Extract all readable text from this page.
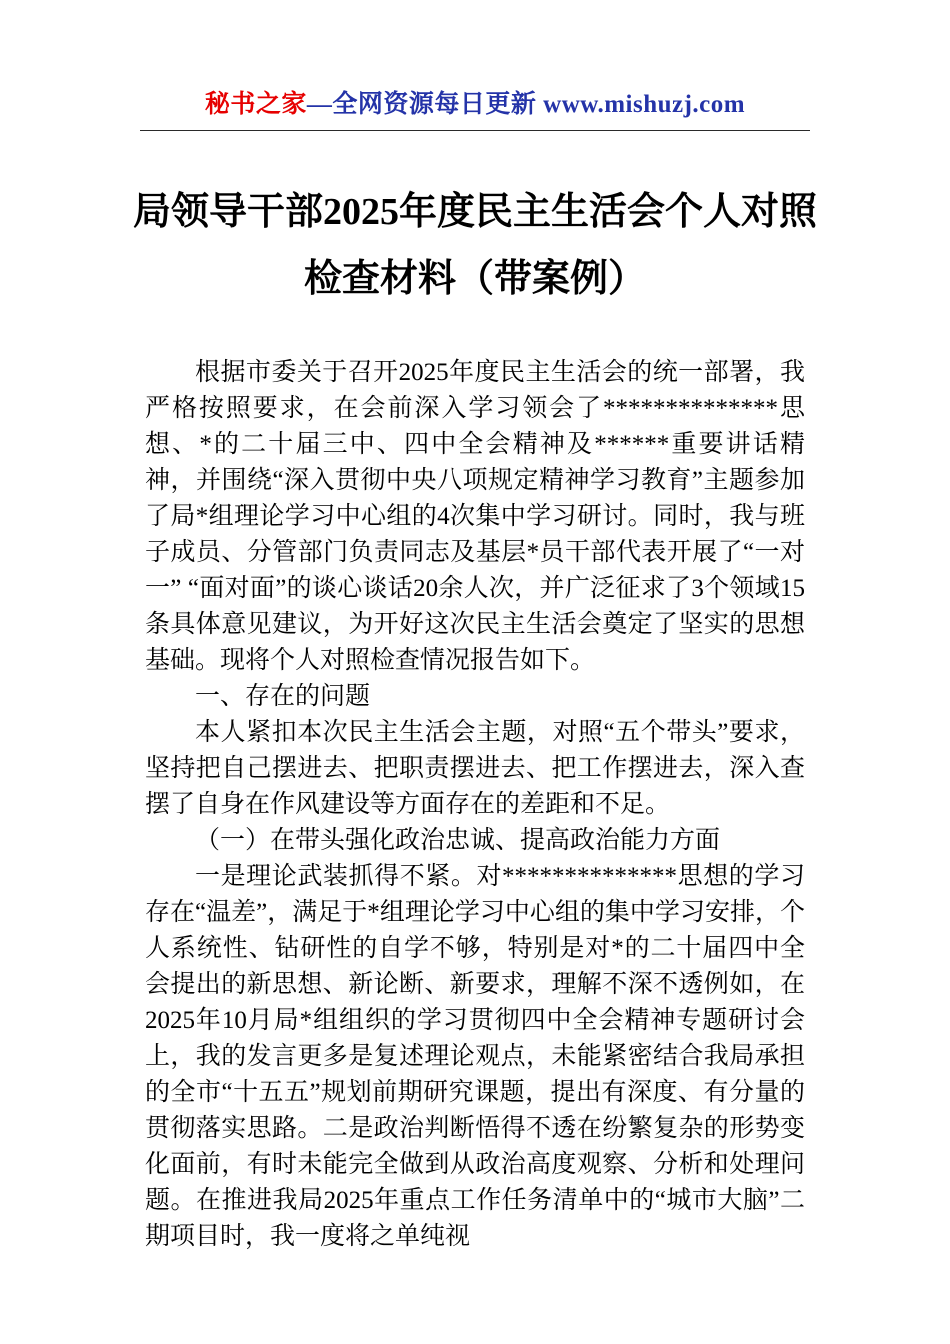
秘书之家—全网资源每日更新 www.mishuzj.com
局领导干部2025年度民主生活会个人对照
检查材料（带案例）

根据市委关于召开2025年度民主生活会的统一部署，我严格按照要求，在会前深入学习领会了**************思想、*的二十届三中、四中全会精神及******重要讲话精神，并围绕“深入贯彻中央八项规定精神学习教育”主题参加了局*组理论学习中心组的4次集中学习研讨。同时，我与班子成员、分管部门负责同志及基层*员干部代表开展了“一对一” “面对面”的谈心谈话20余人次，并广泛征求了3个领域15条具体意见建议，为开好这次民主生活会奠定了坚实的思想基础。现将个人对照检查情况报告如下。

一、存在的问题

本人紧扣本次民主生活会主题，对照“五个带头”要求，坚持把自己摆进去、把职责摆进去、把工作摆进去，深入查摆了自身在作风建设等方面存在的差距和不足。

（一）在带头强化政治忠诚、提高政治能力方面

一是理论武装抓得不紧。对**************思想的学习存在“温差”，满足于*组理论学习中心组的集中学习安排，个人系统性、钻研性的自学不够，特别是对*的二十届四中全会提出的新思想、新论断、新要求，理解不深不透例如，在2025年10月局*组组织的学习贯彻四中全会精神专题研讨会上，我的发言更多是复述理论观点，未能紧密结合我局承担的全市“十五五”规划前期研究课题，提出有深度、有分量的贯彻落实思路。二是政治判断悟得不透在纷繁复杂的形势变化面前，有时未能完全做到从政治高度观察、分析和处理问题。在推进我局2025年重点工作任务清单中的“城市大脑”二期项目时，我一度将之单纯视
